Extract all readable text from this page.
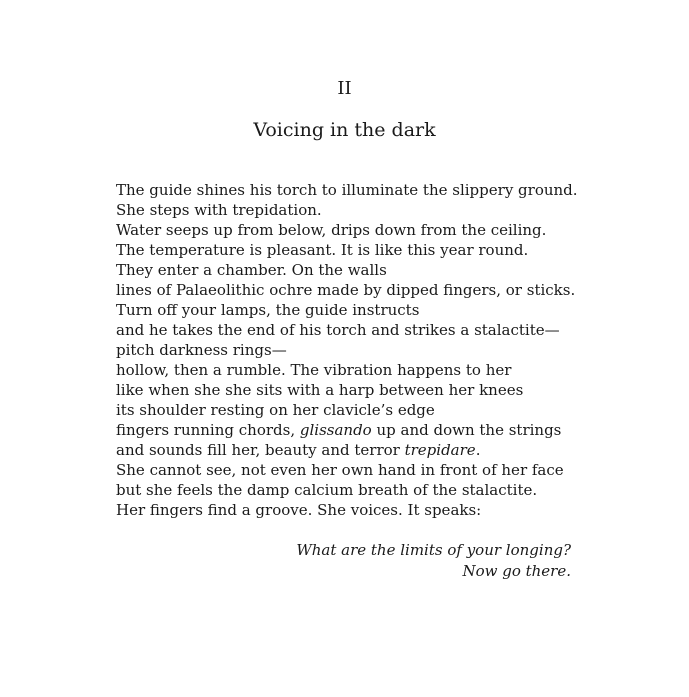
II
Voicing in the dark
The guide shines his torch to illuminate the slippery ground.
She steps with trepidation.
Water seeps up from below, drips down from the ceiling.
The temperature is pleasant. It is like this year round.
They enter a chamber. On the walls
lines of Palaeolithic ochre made by dipped fingers, or sticks.
Turn off your lamps, the guide instructs
and he takes the end of his torch and strikes a stalactite—
pitch darkness rings—
hollow, then a rumble. The vibration happens to her
like when she she sits with a harp between her knees
its shoulder resting on her clavicle’s edge
fingers running chords, glissando up and down the strings
and sounds fill her, beauty and terror trepidare.
She cannot see, not even her own hand in front of her face
but she feels the damp calcium breath of the stalactite.
Her fingers find a groove. She voices. It speaks:
What are the limits of your longing?
Now go there.
